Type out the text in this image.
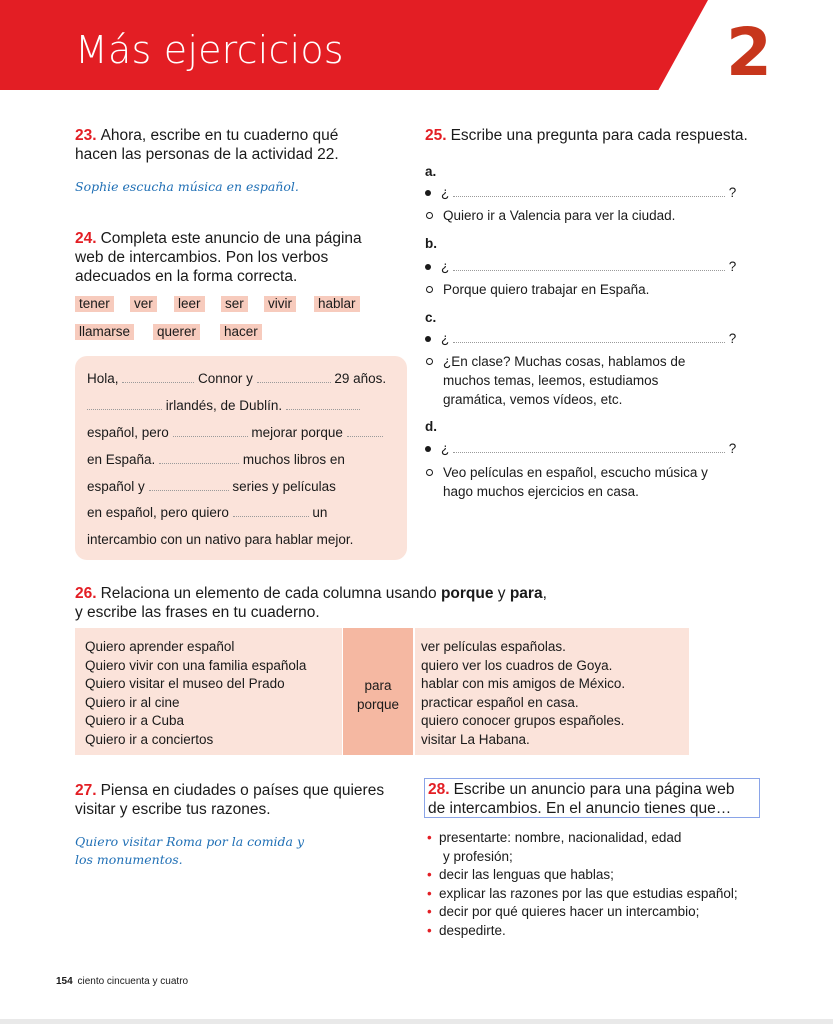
Más ejercicios	2
23. Ahora, escribe en tu cuaderno qué
hacen las personas de la actividad 22.
Sophie escucha música en español.
24. Completa este anuncio de una página
web de intercambios. Pon los verbos
adecuados en la forma correcta.
tener ver leer ser vivir hablar
llamarse querer hacer
Hola,	Connor y	29 años.
irlandés, de Dublín.
español, pero	mejorar porque
en España.	muchos libros en
español y	series y películas
en español, pero quiero	un
intercambio con un nativo para hablar mejor.
25. Escribe una pregunta para cada respuesta.
a.
¿	?
Quiero ir a Valencia para ver la ciudad.
b.
¿	?
Porque quiero trabajar en España.
c.
¿	?
¿En clase? Muchas cosas, hablamos de
muchos temas, leemos, estudiamos
gramática, vemos vídeos, etc.
d.
¿	?
Veo películas en español, escucho música y
hago muchos ejercicios en casa.
26. Relaciona un elemento de cada columna usando porque y para,
y escribe las frases en tu cuaderno.
Quiero aprender español
Quiero vivir con una familia española
Quiero visitar el museo del Prado
Quiero ir al cine
Quiero ir a Cuba
Quiero ir a conciertos
para
porque
ver películas españolas.
quiero ver los cuadros de Goya.
hablar con mis amigos de México.
practicar español en casa.
quiero conocer grupos españoles.
visitar La Habana.
27. Piensa en ciudades o países que quieres
visitar y escribe tus razones.
Quiero visitar Roma por la comida y
los monumentos.
28. Escribe un anuncio para una página web
de intercambios. En el anuncio tienes que…
• presentarte: nombre, nacionalidad, edad
y profesión;
• decir las lenguas que hablas;
• explicar las razones por las que estudias español;
• decir por qué quieres hacer un intercambio;
• despedirte.
154 ciento cincuenta y cuatro
